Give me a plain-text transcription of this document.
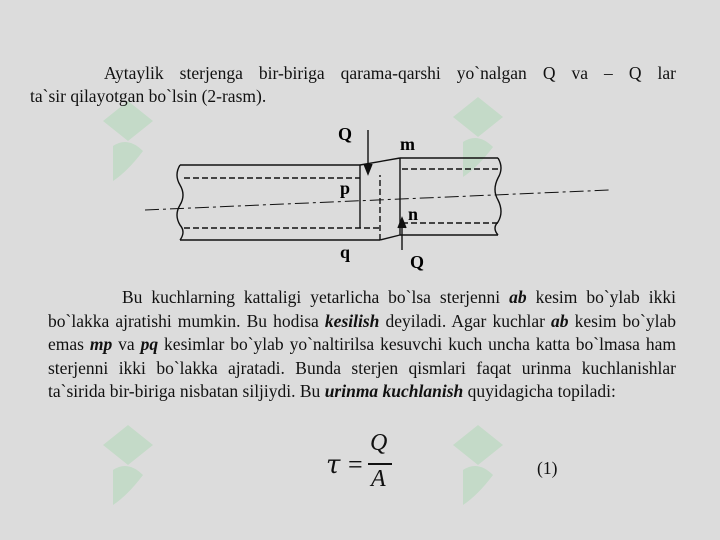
Aytaylik sterjenga bir-biriga qarama-qarshi yo`nalgan Q va – Q lar
ta`sir qilayotgan bo`lsin (2-rasm).
Q	m
p
n
q	Q
Bu kuchlarning kattaligi yetarlicha bo`lsa sterjenni ab kesim bo`ylab ikki bo`lakka ajratishi mumkin. Bu hodisa kesilish deyiladi. Agar kuchlar ab kesim bo`ylab emas mp va pq kesimlar bo`ylab yo`naltirilsa kesuvchi kuch uncha katta bo`lmasa ham sterjenni ikki bo`lakka ajratadi. Bunda sterjen qismlari faqat urinma kuchlanishlar ta`sirida bir-biriga nisbatan siljiydi. Bu urinma kuchlanish quyidagicha topiladi:
τ =
Q
A	(1)
